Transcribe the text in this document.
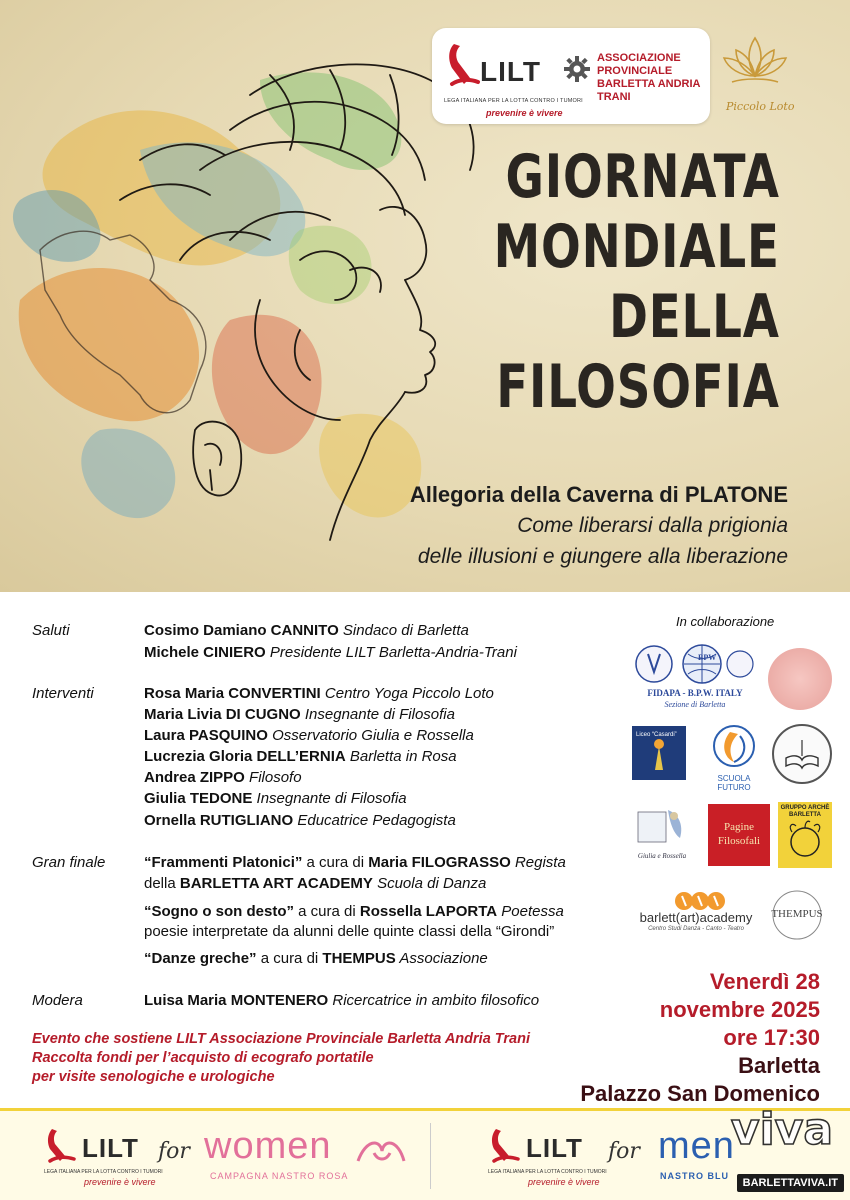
LILT	ASSOCIAZIONE
PROVINCIALE
BARLETTA ANDRIA TRANI
LEGA ITALIANA PER LA LOTTA CONTRO I TUMORI
prevenire è vivere	Piccolo Loto
GIORNATA
MONDIALE
DELLA
FILOSOFIA
Allegoria della Caverna di PLATONE
Come liberarsi dalla prigionia
delle illusioni e giungere alla liberazione
Saluti	Cosimo Damiano CANNITO Sindaco di Barletta
Michele CINIERO Presidente LILT Barletta-Andria-Trani
Interventi	Rosa Maria CONVERTINI Centro Yoga Piccolo Loto
Maria Livia DI CUGNO Insegnante di Filosofia
Laura PASQUINO Osservatorio Giulia e Rossella
Lucrezia Gloria DELL’ERNIA Barletta in Rosa
Andrea ZIPPO Filosofo
Giulia TEDONE Insegnante di Filosofia
Ornella RUTIGLIANO Educatrice Pedagogista
Gran finale	“Frammenti Platonici” a cura di Maria FILOGRASSO Regista
della BARLETTA ART ACADEMY Scuola di Danza
“Sogno o son desto” a cura di Rossella LAPORTA Poetessa
poesie interpretate da alunni delle quinte classi della “Girondi”
“Danze greche” a cura di THEMPUS Associazione
Modera	Luisa Maria MONTENERO Ricercatrice in ambito filosofico
In collaborazione
BPW
FIDAPA - B.P.W. ITALY
Sezione di Barletta
Liceo “Casardi”
SCUOLA FUTURO
Giulia e Rossella
Pagine Filosofali
GRUPPO ARCHÈ BARLETTA
barlett(art)academy
Centro Studi Danza - Canto - Teatro
THEMPUS
Venerdì 28
novembre 2025
ore 17:30
Barletta
Palazzo San Domenico
Evento che sostiene LILT Associazione Provinciale Barletta Andria Trani
Raccolta fondi per l’acquisto di ecografo portatile
per visite senologiche e urologiche
LILT
LEGA ITALIANA PER LA LOTTA CONTRO I TUMORI
prevenire è vivere
for women
CAMPAGNA NASTRO ROSA
LILT
LEGA ITALIANA PER LA LOTTA CONTRO I TUMORI
prevenire è vivere
for men
NASTRO BLU
viva
BARLETTAVIVA.IT
